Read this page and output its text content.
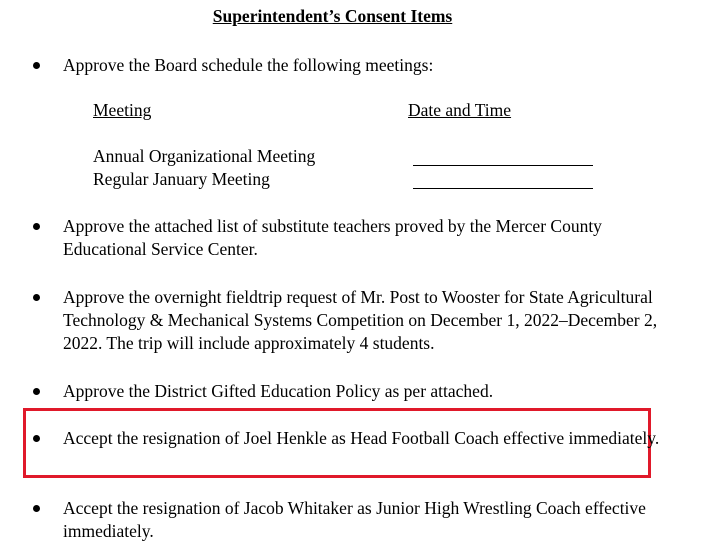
Superintendent’s Consent Items
Approve the Board schedule the following meetings:
Meeting	Date and Time
Annual Organizational Meeting
Regular January Meeting
Approve the attached list of substitute teachers proved by the Mercer County Educational Service Center.
Approve the overnight fieldtrip request of Mr. Post to Wooster for State Agricultural Technology & Mechanical Systems Competition on December 1, 2022–December 2, 2022. The trip will include approximately 4 students.
Approve the District Gifted Education Policy as per attached.
Accept the resignation of Joel Henkle as Head Football Coach effective immediately.
Accept the resignation of Jacob Whitaker as Junior High Wrestling Coach effective immediately.
